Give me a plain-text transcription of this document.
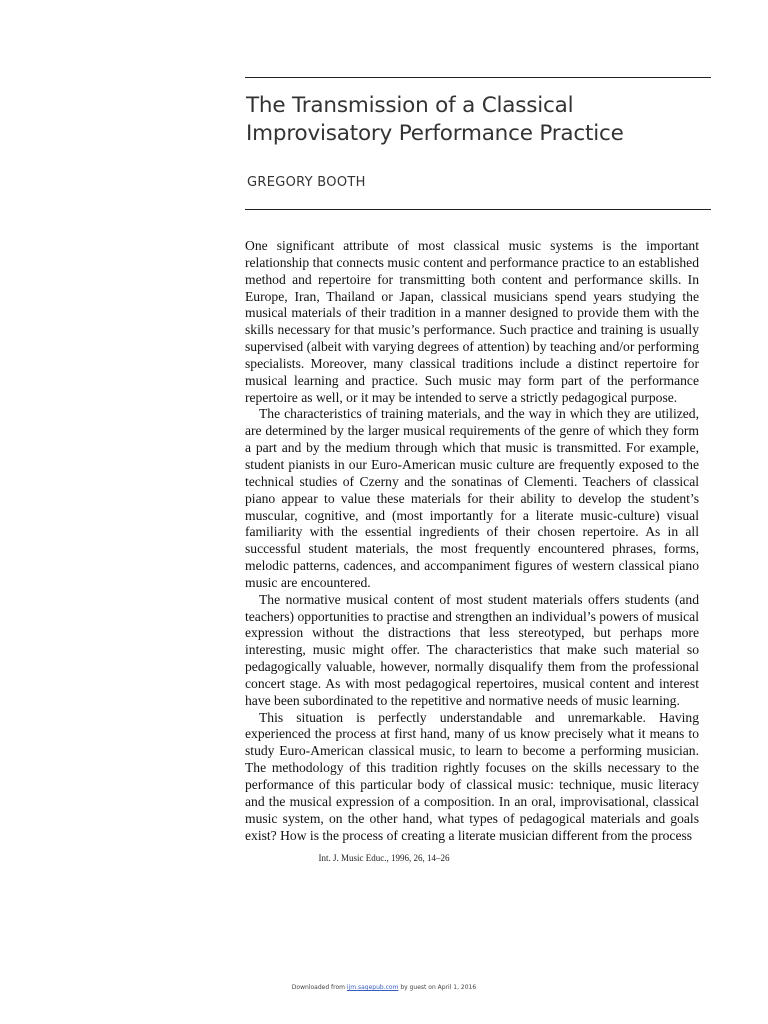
The Transmission of a Classical Improvisatory Performance Practice
GREGORY BOOTH

One significant attribute of most classical music systems is the important relationship that connects music content and performance practice to an established method and repertoire for transmitting both content and performance skills. In Europe, Iran, Thailand or Japan, classical musicians spend years studying the musical materials of their tradition in a manner designed to provide them with the skills necessary for that music’s performance. Such practice and training is usually supervised (albeit with varying degrees of attention) by teaching and/or performing specialists. Moreover, many classical traditions include a distinct repertoire for musical learning and practice. Such music may form part of the performance repertoire as well, or it may be intended to serve a strictly pedagogical purpose.

The characteristics of training materials, and the way in which they are utilized, are determined by the larger musical requirements of the genre of which they form a part and by the medium through which that music is transmitted. For example, student pianists in our Euro-American music culture are frequently exposed to the technical studies of Czerny and the sonatinas of Clementi. Teachers of classical piano appear to value these materials for their ability to develop the student’s muscular, cognitive, and (most importantly for a literate music-culture) visual familiarity with the essential ingredients of their chosen repertoire. As in all successful student materials, the most frequently encountered phrases, forms, melodic patterns, cadences, and accompaniment figures of western classical piano music are encountered.

The normative musical content of most student materials offers students (and teachers) opportunities to practise and strengthen an individual’s powers of musical expression without the distractions that less stereotyped, but perhaps more interesting, music might offer. The characteristics that make such material so pedagogically valuable, however, normally disqualify them from the professional concert stage. As with most pedagogical repertoires, musical content and interest have been subordinated to the repetitive and normative needs of music learning.

This situation is perfectly understandable and unremarkable. Having experienced the process at first hand, many of us know precisely what it means to study Euro-American classical music, to learn to become a performing musician. The methodology of this tradition rightly focuses on the skills necessary to the performance of this particular body of classical music: technique, music literacy and the musical expression of a composition. In an oral, improvisational, classical music system, on the other hand, what types of pedagogical materials and goals exist? How is the process of creating a literate musician different from the process

Int. J. Music Educ., 1996, 26, 14–26
Downloaded from ijm.sagepub.com by guest on April 1, 2016
